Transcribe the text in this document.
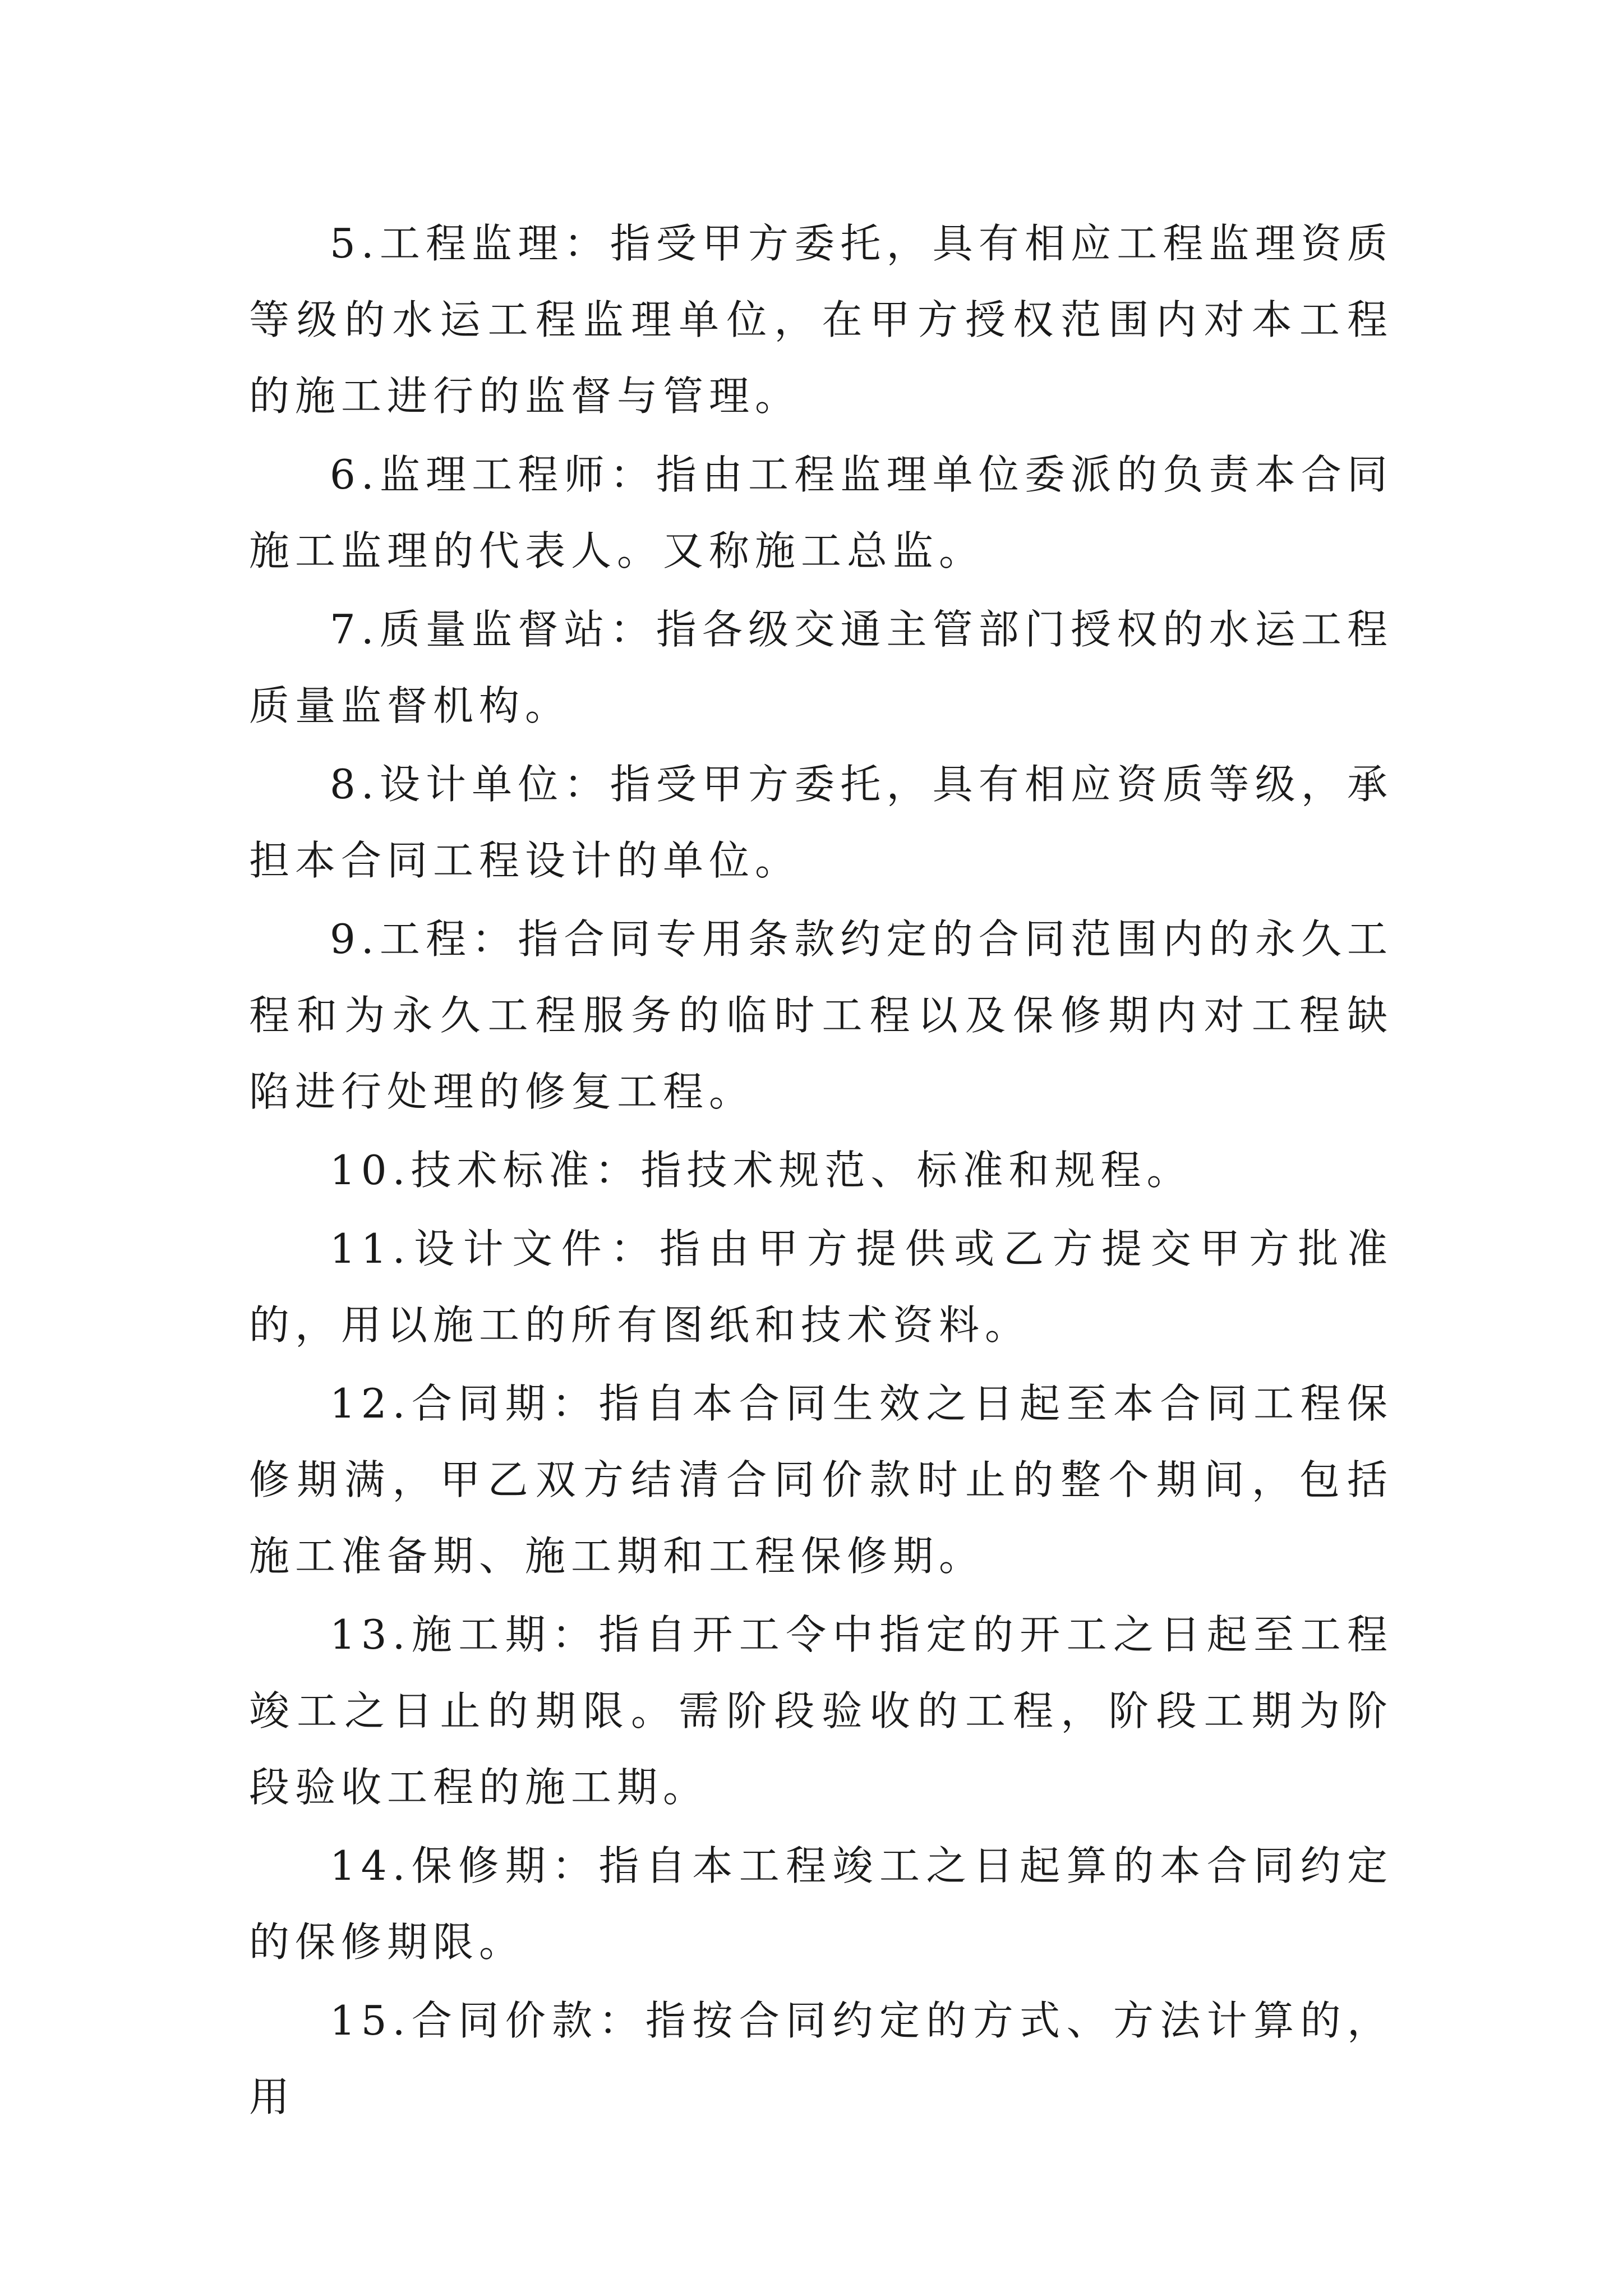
5.工程监理：指受甲方委托，具有相应工程监理资质等级的水运工程监理单位，在甲方授权范围内对本工程的施工进行的监督与管理。

6.监理工程师：指由工程监理单位委派的负责本合同施工监理的代表人。又称施工总监。

7.质量监督站：指各级交通主管部门授权的水运工程质量监督机构。

8.设计单位：指受甲方委托，具有相应资质等级，承担本合同工程设计的单位。

9.工程：指合同专用条款约定的合同范围内的永久工程和为永久工程服务的临时工程以及保修期内对工程缺陷进行处理的修复工程。

10.技术标准：指技术规范、标准和规程。

11.设计文件：指由甲方提供或乙方提交甲方批准的，用以施工的所有图纸和技术资料。

12.合同期：指自本合同生效之日起至本合同工程保修期满，甲乙双方结清合同价款时止的整个期间，包括施工准备期、施工期和工程保修期。

13.施工期：指自开工令中指定的开工之日起至工程竣工之日止的期限。需阶段验收的工程，阶段工期为阶段验收工程的施工期。

14.保修期：指自本工程竣工之日起算的本合同约定的保修期限。

15.合同价款：指按合同约定的方式、方法计算的，用
